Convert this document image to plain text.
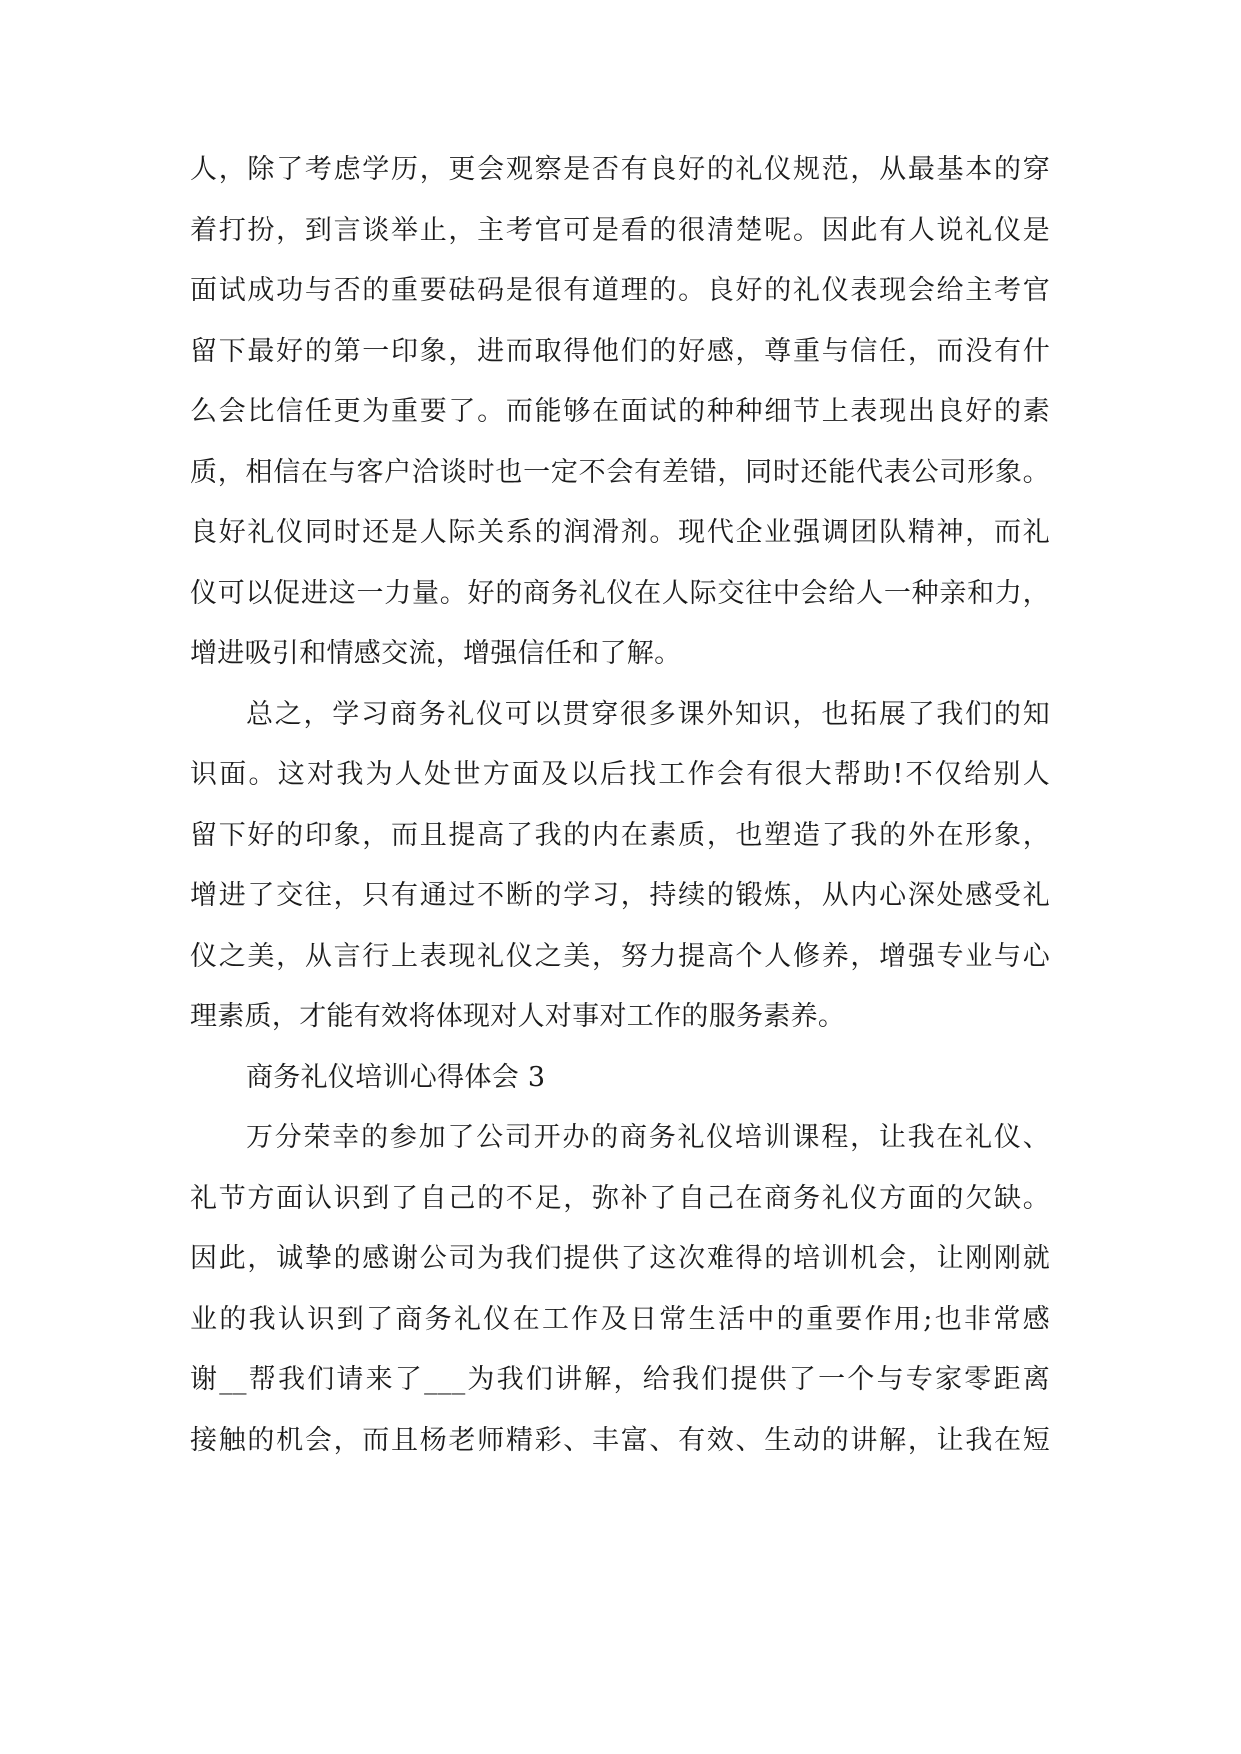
人，除了考虑学历，更会观察是否有良好的礼仪规范，从最基本的穿
着打扮，到言谈举止，主考官可是看的很清楚呢。因此有人说礼仪是
面试成功与否的重要砝码是很有道理的。良好的礼仪表现会给主考官
留下最好的第一印象，进而取得他们的好感，尊重与信任，而没有什
么会比信任更为重要了。而能够在面试的种种细节上表现出良好的素
质，相信在与客户洽谈时也一定不会有差错，同时还能代表公司形象。
良好礼仪同时还是人际关系的润滑剂。现代企业强调团队精神，而礼
仪可以促进这一力量。好的商务礼仪在人际交往中会给人一种亲和力，
增进吸引和情感交流，增强信任和了解。
总之，学习商务礼仪可以贯穿很多课外知识，也拓展了我们的知
识面。这对我为人处世方面及以后找工作会有很大帮助!不仅给别人
留下好的印象，而且提高了我的内在素质，也塑造了我的外在形象，
增进了交往，只有通过不断的学习，持续的锻炼，从内心深处感受礼
仪之美，从言行上表现礼仪之美，努力提高个人修养，增强专业与心
理素质，才能有效将体现对人对事对工作的服务素养。
商务礼仪培训心得体会 3
万分荣幸的参加了公司开办的商务礼仪培训课程，让我在礼仪、
礼节方面认识到了自己的不足，弥补了自己在商务礼仪方面的欠缺。
因此，诚挚的感谢公司为我们提供了这次难得的培训机会，让刚刚就
业的我认识到了商务礼仪在工作及日常生活中的重要作用;也非常感
谢__帮我们请来了___为我们讲解，给我们提供了一个与专家零距离
接触的机会，而且杨老师精彩、丰富、有效、生动的讲解，让我在短
